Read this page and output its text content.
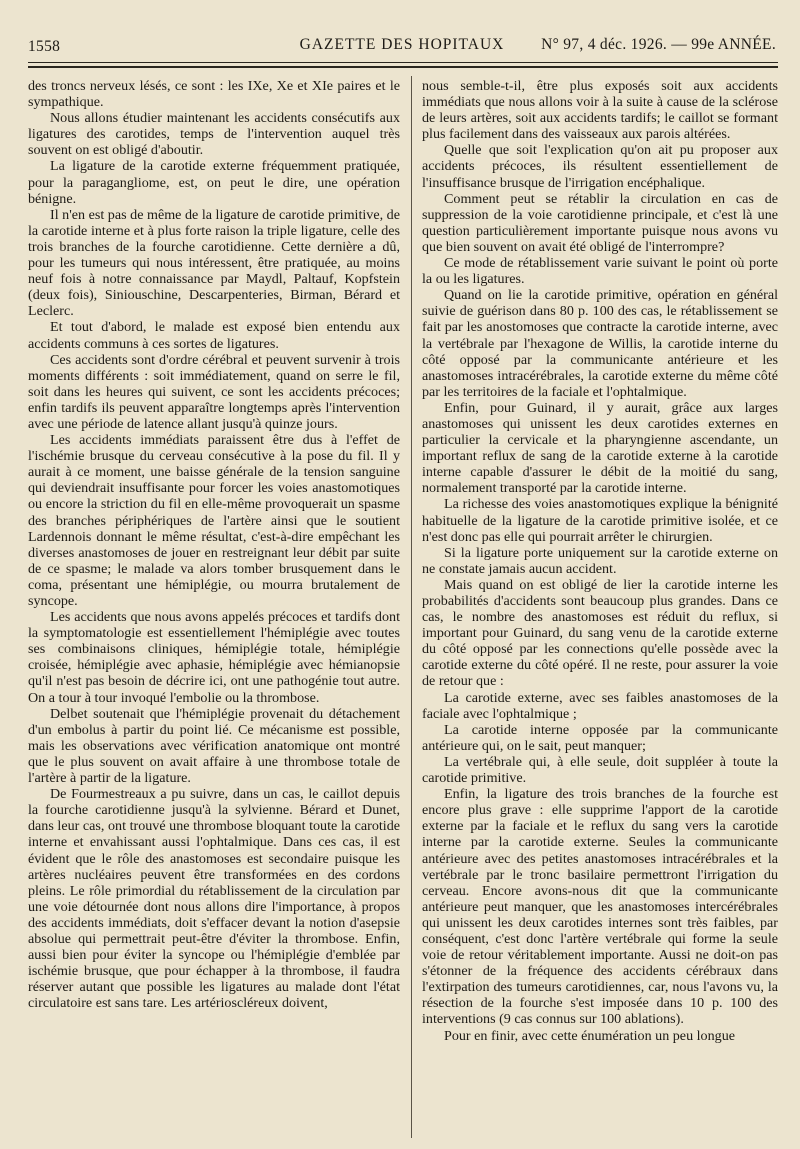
1558	GAZETTE DES HOPITAUX	N° 97, 4 déc. 1926. — 99e ANNÉE.

des troncs nerveux lésés, ce sont : les IXe, Xe et XIe paires et le sympathique.

Nous allons étudier maintenant les accidents consécutifs aux ligatures des carotides, temps de l'intervention auquel très souvent on est obligé d'aboutir.

La ligature de la carotide externe fréquemment pratiquée, pour la paragangliome, est, on peut le dire, une opération bénigne.

Il n'en est pas de même de la ligature de carotide primitive, de la carotide interne et à plus forte raison la triple ligature, celle des trois branches de la fourche carotidienne. Cette dernière a dû, pour les tumeurs qui nous intéressent, être pratiquée, au moins neuf fois à notre connaissance par Maydl, Paltauf, Kopfstein (deux fois), Siniouschine, Descarpenteries, Birman, Bérard et Leclerc.

Et tout d'abord, le malade est exposé bien entendu aux accidents communs à ces sortes de ligatures.

Ces accidents sont d'ordre cérébral et peuvent survenir à trois moments différents : soit immédiatement, quand on serre le fil, soit dans les heures qui suivent, ce sont les accidents précoces; enfin tardifs ils peuvent apparaître longtemps après l'intervention avec une période de latence allant jusqu'à quinze jours.

Les accidents immédiats paraissent être dus à l'effet de l'ischémie brusque du cerveau consécutive à la pose du fil. Il y aurait à ce moment, une baisse générale de la tension sanguine qui deviendrait insuffisante pour forcer les voies anastomotiques ou encore la striction du fil en elle-même provoquerait un spasme des branches périphériques de l'artère ainsi que le soutient Lardennois donnant le même résultat, c'est-à-dire empêchant les diverses anastomoses de jouer en restreignant leur débit par suite de ce spasme; le malade va alors tomber brusquement dans le coma, présentant une hémiplégie, ou mourra brutalement de syncope.

Les accidents que nous avons appelés précoces et tardifs dont la symptomatologie est essentiellement l'hémiplégie avec toutes ses combinaisons cliniques, hémiplégie totale, hémiplégie croisée, hémiplégie avec aphasie, hémiplégie avec hémianopsie qu'il n'est pas besoin de décrire ici, ont une pathogénie tout autre. On a tour à tour invoqué l'embolie ou la thrombose.

Delbet soutenait que l'hémiplégie provenait du détachement d'un embolus à partir du point lié. Ce mécanisme est possible, mais les observations avec vérification anatomique ont montré que le plus souvent on avait affaire à une thrombose totale de l'artère à partir de la ligature.

De Fourmestreaux a pu suivre, dans un cas, le caillot depuis la fourche carotidienne jusqu'à la sylvienne. Bérard et Dunet, dans leur cas, ont trouvé une thrombose bloquant toute la carotide interne et envahissant aussi l'ophtalmique. Dans ces cas, il est évident que le rôle des anastomoses est secondaire puisque les artères nucléaires peuvent être transformées en des cordons pleins. Le rôle primordial du rétablissement de la circulation par une voie détournée dont nous allons dire l'importance, à propos des accidents immédiats, doit s'effacer devant la notion d'asepsie absolue qui permettrait peut-être d'éviter la thrombose. Enfin, aussi bien pour éviter la syncope ou l'hémiplégie d'emblée par ischémie brusque, que pour échapper à la thrombose, il faudra réserver autant que possible les ligatures au malade dont l'état circulatoire est sans tare. Les artérioscléreux doivent,

nous semble-t-il, être plus exposés soit aux accidents immédiats que nous allons voir à la suite à cause de la sclérose de leurs artères, soit aux accidents tardifs; le caillot se formant plus facilement dans des vaisseaux aux parois altérées.

Quelle que soit l'explication qu'on ait pu proposer aux accidents précoces, ils résultent essentiellement de l'insuffisance brusque de l'irrigation encéphalique.

Comment peut se rétablir la circulation en cas de suppression de la voie carotidienne principale, et c'est là une question particulièrement importante puisque nous avons vu que bien souvent on avait été obligé de l'interrompre?

Ce mode de rétablissement varie suivant le point où porte la ou les ligatures.

Quand on lie la carotide primitive, opération en général suivie de guérison dans 80 p. 100 des cas, le rétablissement se fait par les anostomoses que contracte la carotide interne, avec la vertébrale par l'hexagone de Willis, la carotide interne du côté opposé par la communicante antérieure et les anastomoses intracérébrales, la carotide externe du même côté par les territoires de la faciale et l'ophtalmique.

Enfin, pour Guinard, il y aurait, grâce aux larges anastomoses qui unissent les deux carotides externes en particulier la cervicale et la pharyngienne ascendante, un important reflux de sang de la carotide externe à la carotide interne capable d'assurer le débit de la moitié du sang, normalement transporté par la carotide interne.

La richesse des voies anastomotiques explique la bénignité habituelle de la ligature de la carotide primitive isolée, et ce n'est donc pas elle qui pourrait arrêter le chirurgien.

Si la ligature porte uniquement sur la carotide externe on ne constate jamais aucun accident.

Mais quand on est obligé de lier la carotide interne les probabilités d'accidents sont beaucoup plus grandes. Dans ce cas, le nombre des anastomoses est réduit du reflux, si important pour Guinard, du sang venu de la carotide externe du côté opposé par les connections qu'elle possède avec la carotide externe du côté opéré. Il ne reste, pour assurer la voie de retour que :

La carotide externe, avec ses faibles anastomoses de la faciale avec l'ophtalmique ;

La carotide interne opposée par la communicante antérieure qui, on le sait, peut manquer;

La vertébrale qui, à elle seule, doit suppléer à toute la carotide primitive.

Enfin, la ligature des trois branches de la fourche est encore plus grave : elle supprime l'apport de la carotide externe par la faciale et le reflux du sang vers la carotide interne par la carotide externe. Seules la communicante antérieure avec des petites anastomoses intracérébrales et la vertébrale par le tronc basilaire permettront l'irrigation du cerveau. Encore avons-nous dit que la communicante antérieure peut manquer, que les anastomoses intercérébrales qui unissent les deux carotides internes sont très faibles, par conséquent, c'est donc l'artère vertébrale qui forme la seule voie de retour véritablement importante. Aussi ne doit-on pas s'étonner de la fréquence des accidents cérébraux dans l'extirpation des tumeurs carotidiennes, car, nous l'avons vu, la résection de la fourche s'est imposée dans 10 p. 100 des interventions (9 cas connus sur 100 ablations).

Pour en finir, avec cette énumération un peu longue
